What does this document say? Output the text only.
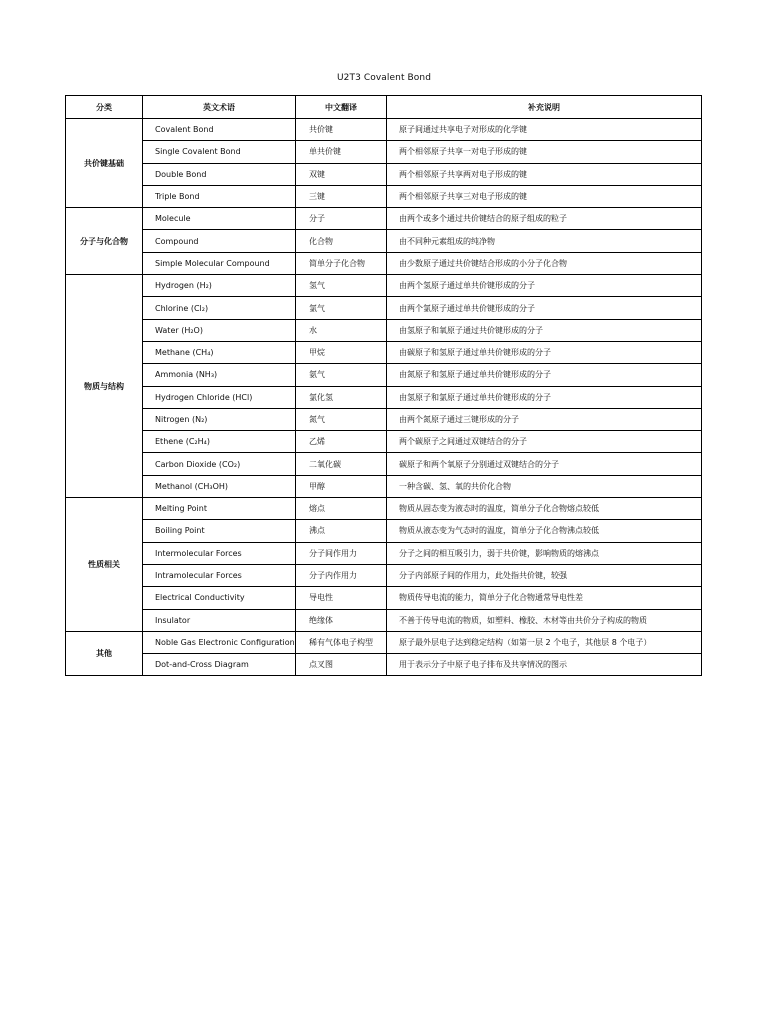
U2T3 Covalent Bond
分类	英文术语	中文翻译	补充说明
共价键基础	Covalent Bond	共价键	原子间通过共享电子对形成的化学键
	Single Covalent Bond	单共价键	两个相邻原子共享一对电子形成的键
	Double Bond	双键	两个相邻原子共享两对电子形成的键
	Triple Bond	三键	两个相邻原子共享三对电子形成的键
分子与化合物	Molecule	分子	由两个或多个通过共价键结合的原子组成的粒子
	Compound	化合物	由不同种元素组成的纯净物
	Simple Molecular Compound	简单分子化合物	由少数原子通过共价键结合形成的小分子化合物
物质与结构	Hydrogen (H₂)	氢气	由两个氢原子通过单共价键形成的分子
	Chlorine (Cl₂)	氯气	由两个氯原子通过单共价键形成的分子
	Water (H₂O)	水	由氢原子和氧原子通过共价键形成的分子
	Methane (CH₄)	甲烷	由碳原子和氢原子通过单共价键形成的分子
	Ammonia (NH₃)	氨气	由氮原子和氢原子通过单共价键形成的分子
	Hydrogen Chloride (HCl)	氯化氢	由氢原子和氯原子通过单共价键形成的分子
	Nitrogen (N₂)	氮气	由两个氮原子通过三键形成的分子
	Ethene (C₂H₄)	乙烯	两个碳原子之间通过双键结合的分子
	Carbon Dioxide (CO₂)	二氧化碳	碳原子和两个氧原子分别通过双键结合的分子
	Methanol (CH₃OH)	甲醇	一种含碳、氢、氧的共价化合物
性质相关	Melting Point	熔点	物质从固态变为液态时的温度，简单分子化合物熔点较低
	Boiling Point	沸点	物质从液态变为气态时的温度，简单分子化合物沸点较低
	Intermolecular Forces	分子间作用力	分子之间的相互吸引力，弱于共价键，影响物质的熔沸点
	Intramolecular Forces	分子内作用力	分子内部原子间的作用力，此处指共价键，较强
	Electrical Conductivity	导电性	物质传导电流的能力，简单分子化合物通常导电性差
	Insulator	绝缘体	不善于传导电流的物质，如塑料、橡胶、木材等由共价分子构成的物质
其他	Noble Gas Electronic Configuration	稀有气体电子构型	原子最外层电子达到稳定结构（如第一层 2 个电子，其他层 8 个电子）
	Dot-and-Cross Diagram	点叉图	用于表示分子中原子电子排布及共享情况的图示
